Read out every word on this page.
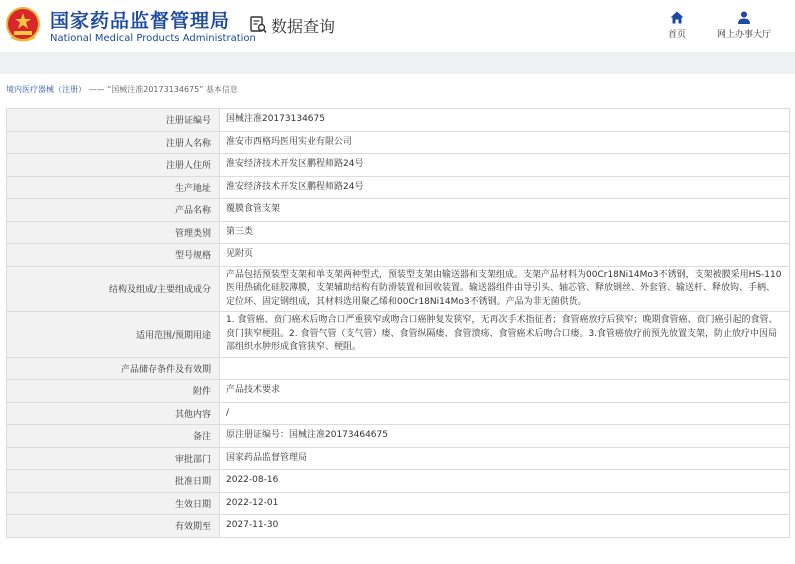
国家药品监督管理局
National Medical Products Administration
数据查询	首页	网上办事大厅
境内医疗器械（注册） —— “国械注准20173134675” 基本信息
注册证编号	国械注准20173134675
注册人名称	淮安市西格玛医用实业有限公司
注册人住所	淮安经济技术开发区鹏程师路24号
生产地址	淮安经济技术开发区鹏程师路24号
产品名称	覆膜食管支架
管理类别	第三类
型号规格	见附页
结构及组成/主要组成成分	产品包括预装型支架和单支架两种型式，预装型支架由输送器和支架组成。支架产品材料为00Cr18Ni14Mo3不锈钢，支架被膜采用HS-110医用热硫化硅胶薄膜，支架辅助结构有防滑装置和回收装置。输送器组件由导引头、轴芯管、释放钢丝、外套管、输送杆、释放钩、手柄、定位环、固定钢组成，其材料选用聚乙烯和00Cr18Ni14Mo3不锈钢。产品为非无菌供货。
适用范围/预期用途	1. 食管癌、贲门癌术后吻合口严重狭窄或吻合口癌肿复发狭窄，无再次手术指征者；食管癌放疗后狭窄；晚期食管癌、贲门癌引起的食管、贲门狭窄梗阻。2. 食管气管（支气管）瘘、食管纵隔瘘、食管溃疡、食管癌术后吻合口瘘。3.食管癌放疗前预先放置支架，防止放疗中因局部组织水肿形成食管狭窄、梗阻。
产品储存条件及有效期	
附件	产品技术要求
其他内容	/
备注	原注册证编号：国械注准20173464675
审批部门	国家药品监督管理局
批准日期	2022-08-16
生效日期	2022-12-01
有效期至	2027-11-30
